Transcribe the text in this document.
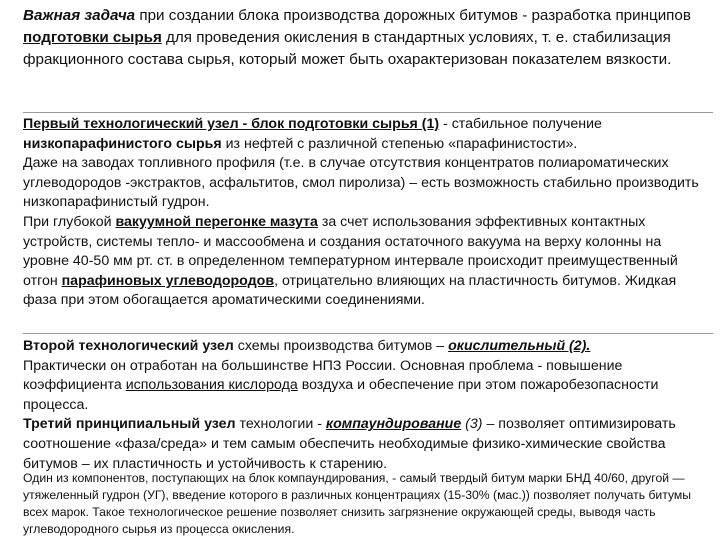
Важная задача при создании блока производства дорожных битумов - разработка принципов подготовки сырья для проведения окисления в стандартных условиях, т. е. стабилизация фракционного состава сырья, который может быть охарактеризован показателем вязкости.

Первый технологический узел - блок подготовки сырья (1) - стабильное получение низкопарафинистого сырья из нефтей с различной степенью «парафинистости».
Даже на заводах топливного профиля (т.е. в случае отсутствия концентратов полиароматических углеводородов -экстрактов, асфальтитов, смол пиролиза) – есть возможность стабильно производить низкопарафинистый гудрон.
При глубокой вакуумной перегонке мазута за счет использования эффективных контактных устройств, системы тепло- и массообмена и создания остаточного вакуума на верху колонны на уровне 40-50 мм рт. ст. в определенном температурном интервале происходит преимущественный отгон парафиновых углеводородов, отрицательно влияющих на пластичность битумов. Жидкая фаза при этом обогащается ароматическими соединениями.

Второй технологический узел схемы производства битумов – окислительный (2).
Практически он отработан на большинстве НПЗ России. Основная проблема - повышение коэффициента использования кислорода воздуха и обеспечение при этом пожаробезопасности процесса.
Третий принципиальный узел технологии - компаундирование (3) – позволяет оптимизировать соотношение «фаза/среда» и тем самым обеспечить необходимые физико-химические свойства битумов – их пластичность и устойчивость к старению.

Один из компонентов, поступающих на блок компаундирования, - самый твердый битум марки БНД 40/60, другой — утяжеленный гудрон (УГ), введение которого в различных концентрациях (15-30% (мас.)) позволяет получать битумы всех марок. Такое технологическое решение позволяет снизить загрязнение окружающей среды, выводя часть углеводородного сырья из процесса окисления.
